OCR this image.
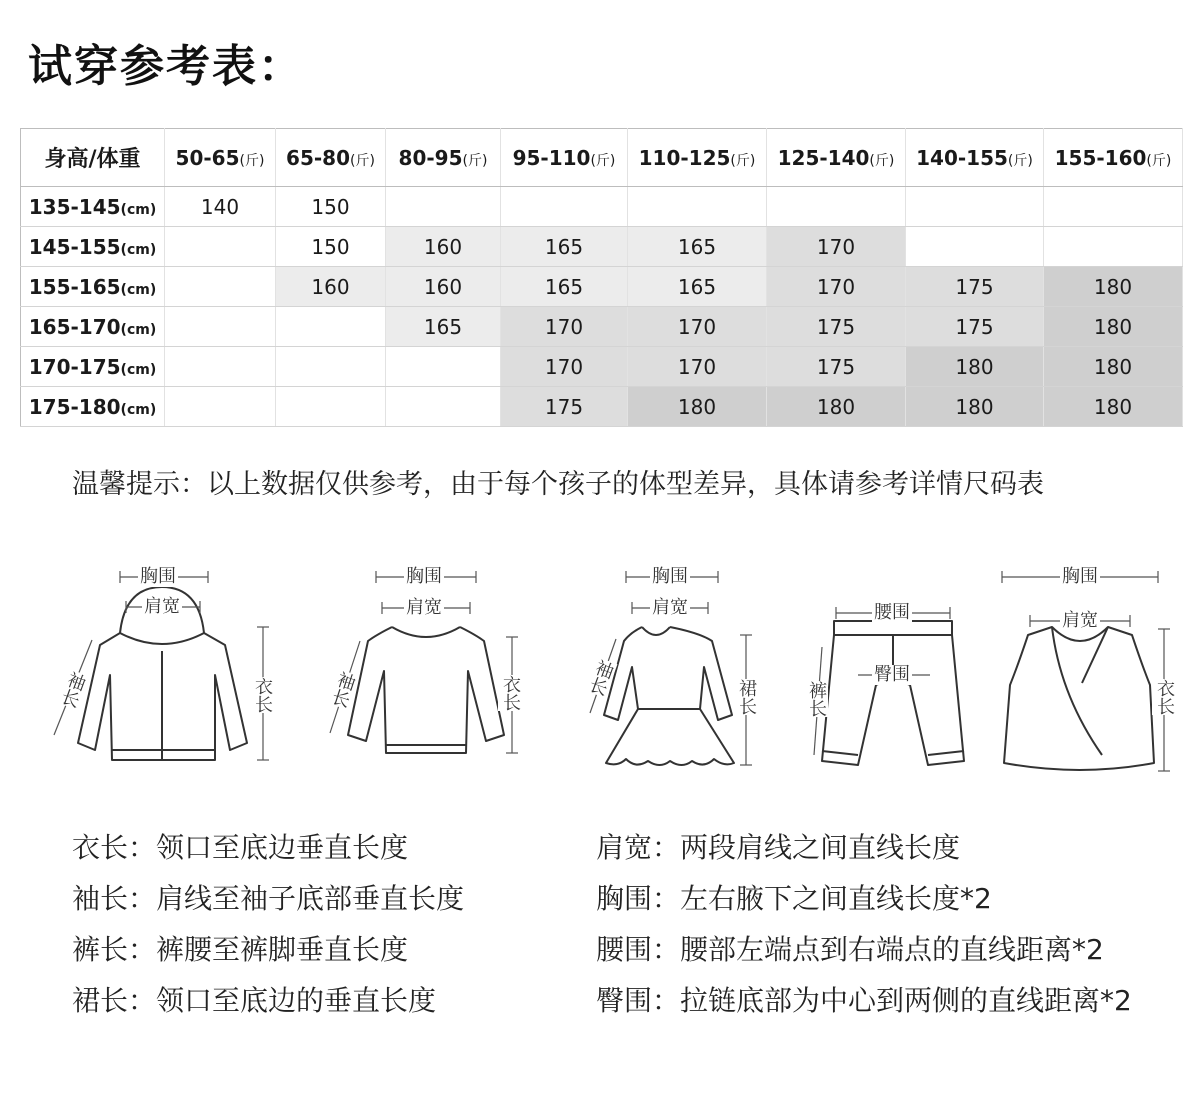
试穿参考表：
身高/体重	50-65(斤)	65-80(斤)	80-95(斤)	95-110(斤)	110-125(斤)	125-140(斤)	140-155(斤)	155-160(斤)
135-145(cm)	140	150						
145-155(cm)		150	160	165	165	170		
155-165(cm)		160	160	165	165	170	175	180
165-170(cm)			165	170	170	175	175	180
170-175(cm)				170	170	175	180	180
175-180(cm)				175	180	180	180	180
温馨提示：以上数据仅供参考，由于每个孩子的体型差异，具体请参考详情尺码表
胸围
肩宽
衣长
袖长
胸围
肩宽
衣长
袖长
胸围
肩宽
裙长
袖长
腰围
臀围
裤长
胸围
肩宽
衣长
衣长：领口至底边垂直长度
袖长：肩线至袖子底部垂直长度
裤长：裤腰至裤脚垂直长度
裙长：领口至底边的垂直长度
肩宽：两段肩线之间直线长度
胸围：左右腋下之间直线长度*2
腰围：腰部左端点到右端点的直线距离*2
臀围：拉链底部为中心到两侧的直线距离*2
